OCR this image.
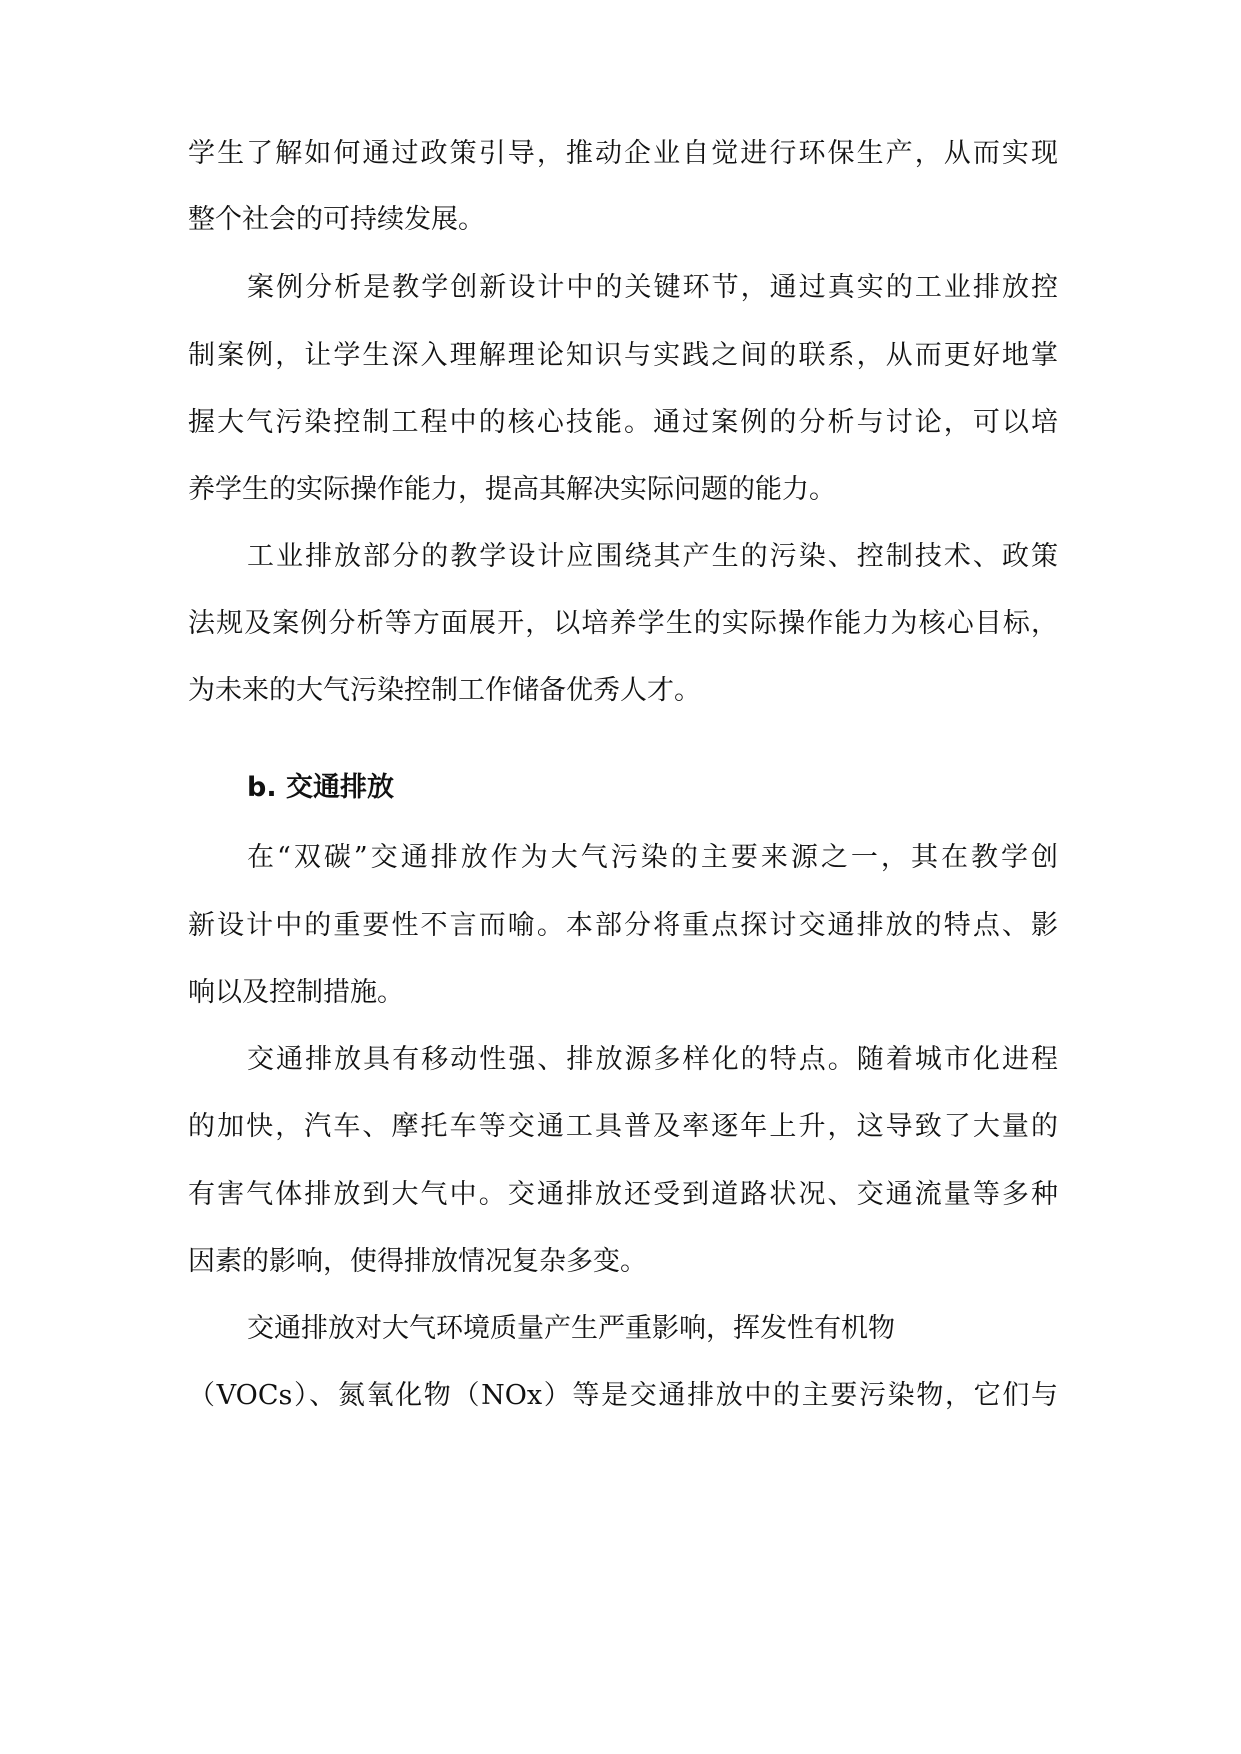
学生了解如何通过政策引导，推动企业自觉进行环保生产，从而实现
整个社会的可持续发展。
案例分析是教学创新设计中的关键环节，通过真实的工业排放控
制案例，让学生深入理解理论知识与实践之间的联系，从而更好地掌
握大气污染控制工程中的核心技能。通过案例的分析与讨论，可以培
养学生的实际操作能力，提高其解决实际问题的能力。
工业排放部分的教学设计应围绕其产生的污染、控制技术、政策
法规及案例分析等方面展开，以培养学生的实际操作能力为核心目标，
为未来的大气污染控制工作储备优秀人才。
b. 交通排放
在“双碳”交通排放作为大气污染的主要来源之一，其在教学创
新设计中的重要性不言而喻。本部分将重点探讨交通排放的特点、影
响以及控制措施。
交通排放具有移动性强、排放源多样化的特点。随着城市化进程
的加快，汽车、摩托车等交通工具普及率逐年上升，这导致了大量的
有害气体排放到大气中。交通排放还受到道路状况、交通流量等多种
因素的影响，使得排放情况复杂多变。
交通排放对大气环境质量产生严重影响，挥发性有机物
（VOCs）、氮氧化物（NOx）等是交通排放中的主要污染物，它们与
